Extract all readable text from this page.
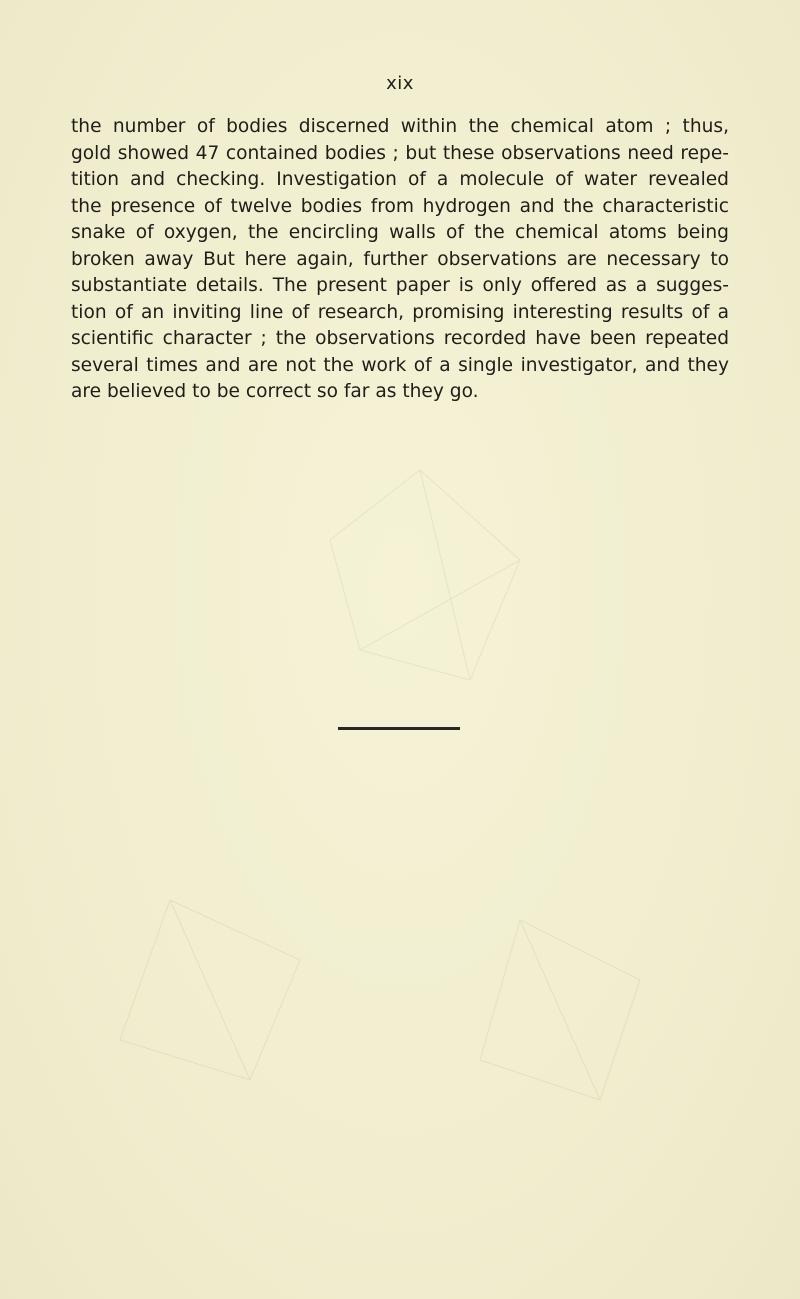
xix

the number of bodies discerned within the chemical atom ; thus,
gold showed 47 contained bodies ; but these observations need repe-
tition and checking. Investigation of a molecule of water revealed
the presence of twelve bodies from hydrogen and the characteristic
snake of oxygen, the encircling walls of the chemical atoms being
broken away But here again, further observations are necessary to
substantiate details. The present paper is only offered as a sugges-
tion of an inviting line of research, promising interesting results of a
scientific character ; the observations recorded have been repeated
several times and are not the work of a single investigator, and they
are believed to be correct so far as they go.
